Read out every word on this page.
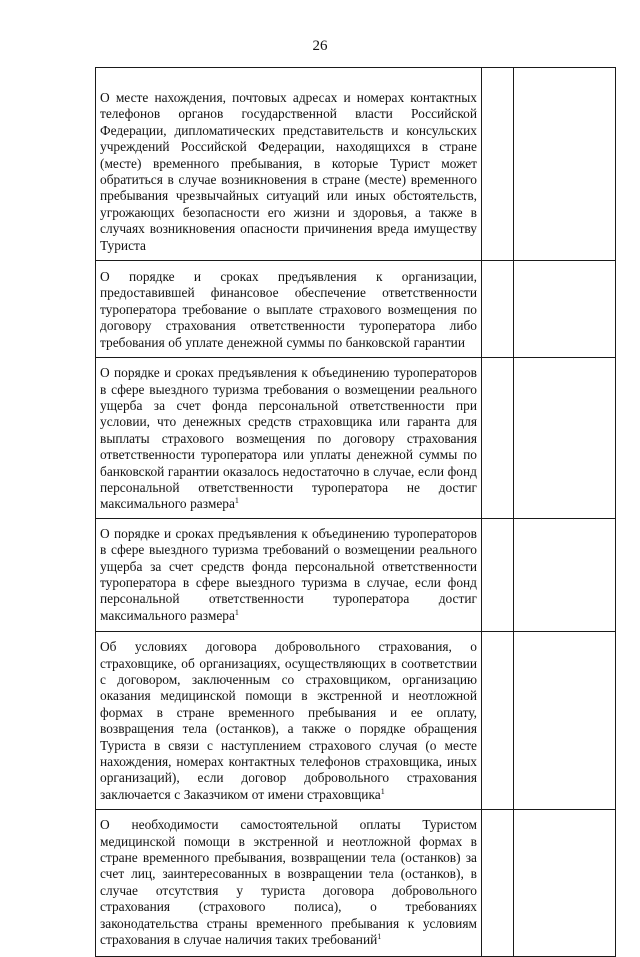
26
О месте нахождения, почтовых адресах и номерах контактных телефонов органов государственной власти Российской Федерации, дипломатических представительств и консульских учреждений Российской Федерации, находящихся в стране (месте) временного пребывания, в которые Турист может обратиться в случае возникновения в стране (месте) временного пребывания чрезвычайных ситуаций или иных обстоятельств, угрожающих безопасности его жизни и здоровья, а также в случаях возникновения опасности причинения вреда имуществу Туриста		

О порядке и сроках предъявления к организации, предоставившей финансовое обеспечение ответственности туроператора требование о выплате страхового возмещения по договору страхования ответственности туроператора либо требования об уплате денежной суммы по банковской гарантии		

О порядке и сроках предъявления к объединению туроператоров в сфере выездного туризма требования о возмещении реального ущерба за счет фонда персональной ответственности при условии, что денежных средств страховщика или гаранта для выплаты страхового возмещения по договору страхования ответственности туроператора или уплаты денежной суммы по банковской гарантии оказалось недостаточно в случае, если фонд персональной ответственности туроператора не достиг максимального размера$^1$

О порядке и сроках предъявления к объединению туроператоров в сфере выездного туризма требований о возмещении реального ущерба за счет средств фонда персональной ответственности туроператора в сфере выездного туризма в случае, если фонд персональной ответственности туроператора достиг максимального размера$^1$

Об условиях договора добровольного страхования, о страховщике, об организациях, осуществляющих в соответствии с договором, заключенным со страховщиком, организацию оказания медицинской помощи в экстренной и неотложной формах в стране временного пребывания и ее оплату, возвращения тела (останков), а также о порядке обращения Туриста в связи с наступлением страхового случая (о месте нахождения, номерах контактных телефонов страховщика, иных организаций), если договор добровольного страхования заключается с Заказчиком от имени страховщика$^1$

О необходимости самостоятельной оплаты Туристом медицинской помощи в экстренной и неотложной формах в стране временного пребывания, возвращении тела (останков) за счет лиц, заинтересованных в возвращении тела (останков), в случае отсутствия у туриста договора добровольного страхования (страхового полиса), о требованиях законодательства страны временного пребывания к условиям страхования в случае наличия таких требований$^1$
